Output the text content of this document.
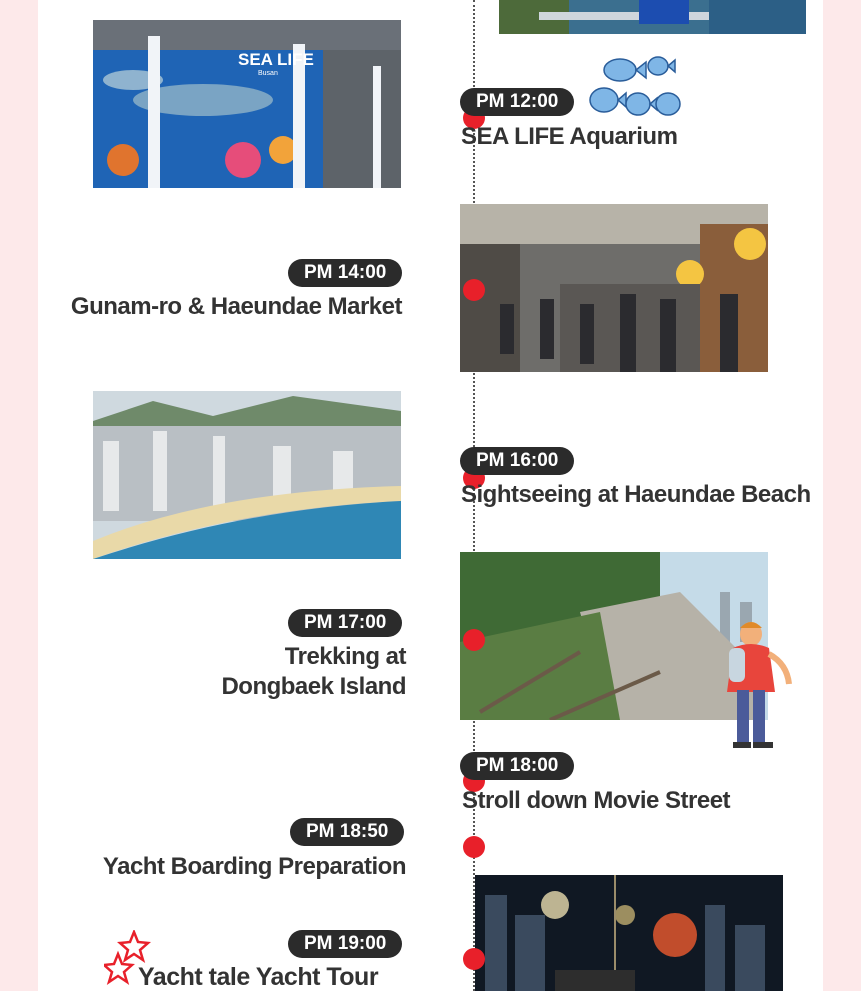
SEA LIFE
Busan
PM 12:00
SEA LIFE Aquarium
PM 14:00
Gunam-ro & Haeundae Market
PM 16:00
Sightseeing at Haeundae Beach
PM 17:00
Trekking at
Dongbaek Island
PM 18:00
Stroll down Movie Street
PM 18:50
Yacht Boarding Preparation
PM 19:00
Yacht tale Yacht Tour
